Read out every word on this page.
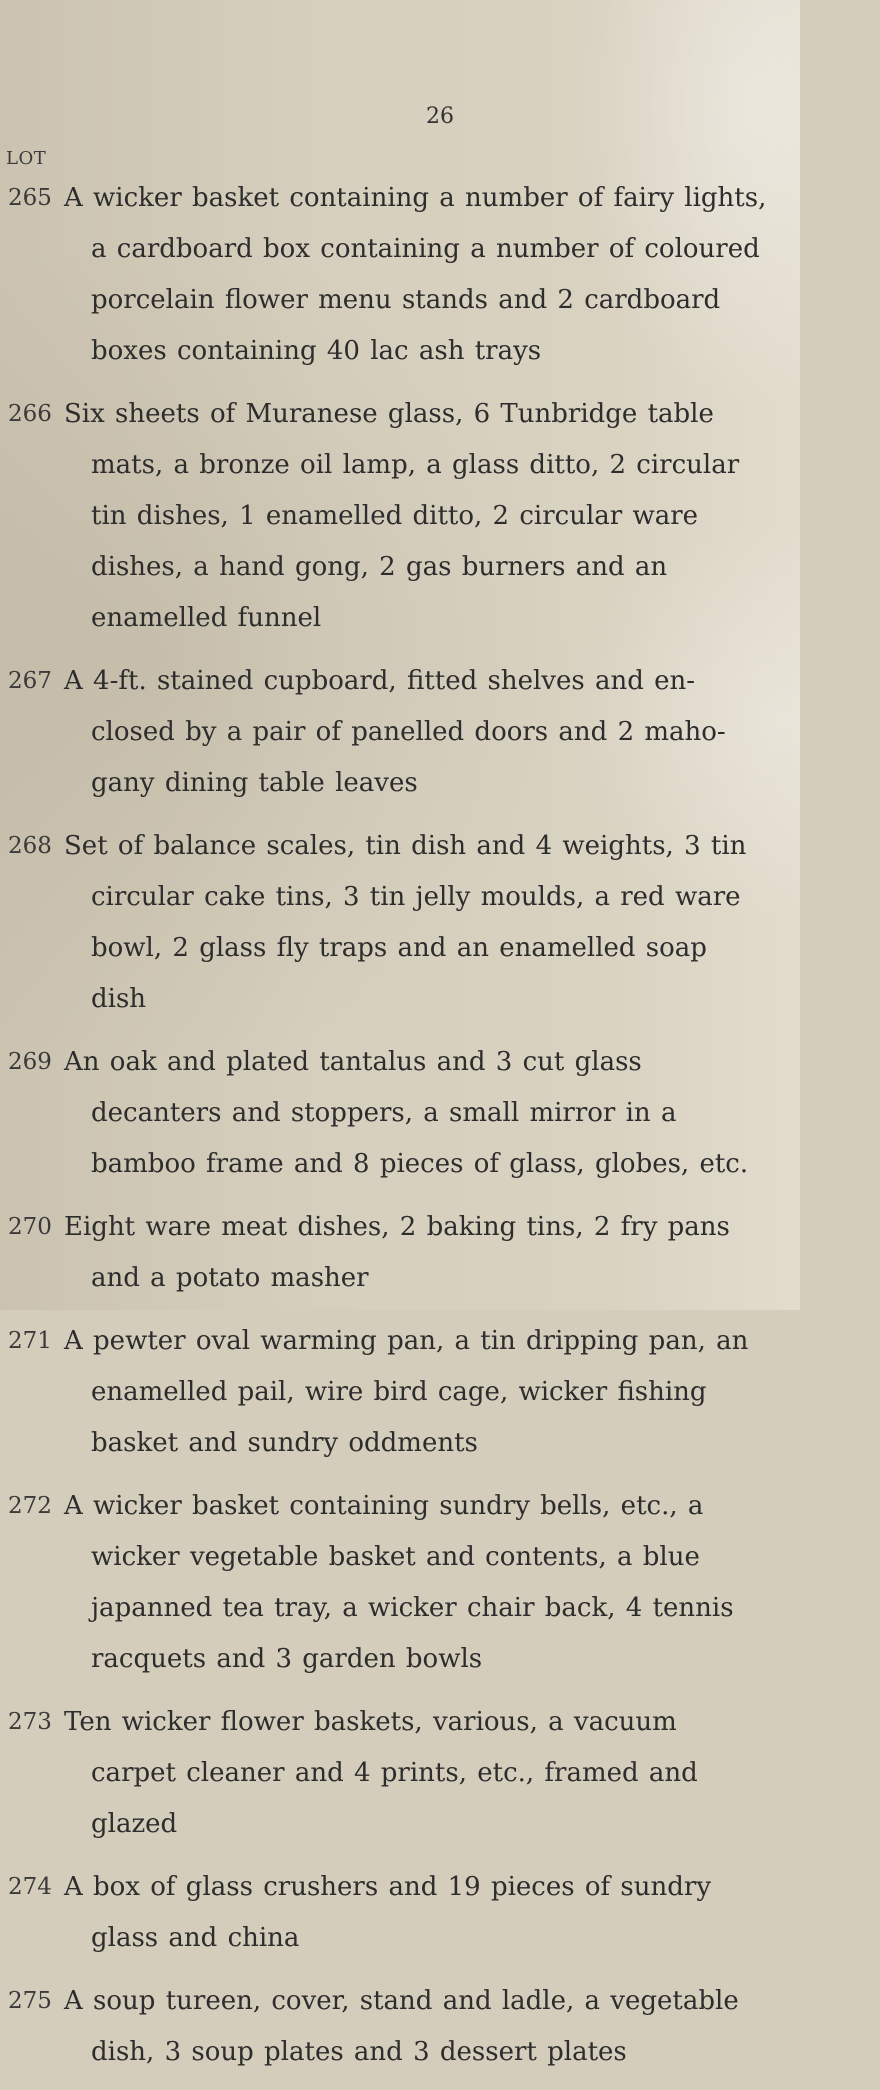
26
LOT
265 A wicker basket containing a number of fairy lights, a cardboard box containing a number of coloured porcelain flower menu stands and 2 cardboard boxes containing 40 lac ash trays

266 Six sheets of Muranese glass, 6 Tunbridge table mats, a bronze oil lamp, a glass ditto, 2 circular tin dishes, 1 enamelled ditto, 2 circular ware dishes, a hand gong, 2 gas burners and an enamelled funnel

267 A 4-ft. stained cupboard, fitted shelves and en-closed by a pair of panelled doors and 2 maho-gany dining table leaves

268 Set of balance scales, tin dish and 4 weights, 3 tin circular cake tins, 3 tin jelly moulds, a red ware bowl, 2 glass fly traps and an enamelled soap dish

269 An oak and plated tantalus and 3 cut glass decanters and stoppers, a small mirror in a bamboo frame and 8 pieces of glass, globes, etc.

270 Eight ware meat dishes, 2 baking tins, 2 fry pans and a potato masher

271 A pewter oval warming pan, a tin dripping pan, an enamelled pail, wire bird cage, wicker fishing basket and sundry oddments

272 A wicker basket containing sundry bells, etc., a wicker vegetable basket and contents, a blue japanned tea tray, a wicker chair back, 4 tennis racquets and 3 garden bowls

273 Ten wicker flower baskets, various, a vacuum carpet cleaner and 4 prints, etc., framed and glazed

274 A box of glass crushers and 19 pieces of sundry glass and china

275 A soup tureen, cover, stand and ladle, a vegetable dish, 3 soup plates and 3 dessert plates
